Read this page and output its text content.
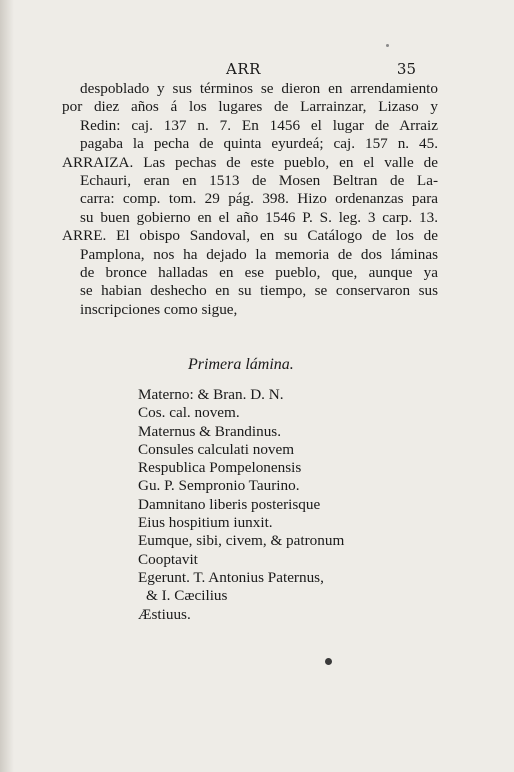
ARR	35
despoblado y sus términos se dieron en arrendamiento
por diez años á los lugares de Larrainzar, Lizaso y
Redin: caj. 137 n. 7. En 1456 el lugar de Arraiz
pagaba la pecha de quinta eyurdeá; caj. 157 n. 45.
ARRAIZA. Las pechas de este pueblo, en el valle de
Echauri, eran en 1513 de Mosen Beltran de La-
carra: comp. tom. 29 pág. 398. Hizo ordenanzas para
su buen gobierno en el año 1546 P. S. leg. 3 carp. 13.
ARRE. El obispo Sandoval, en su Catálogo de los de
Pamplona, nos ha dejado la memoria de dos láminas
de bronce halladas en ese pueblo, que, aunque ya
se habian deshecho en su tiempo, se conservaron sus
inscripciones como sigue,
Primera lámina.
Materno: & Bran. D. N.
Cos. cal. novem.
Maternus & Brandinus.
Consules calculati novem
Respublica Pompelonensis
Gu. P. Sempronio Taurino.
Damnitano liberis posterisque
Eius hospitium iunxit.
Eumque, sibi, civem, & patronum
Cooptavit
Egerunt. T. Antonius Paternus,
& I. Cæcilius
Æstiuus.
